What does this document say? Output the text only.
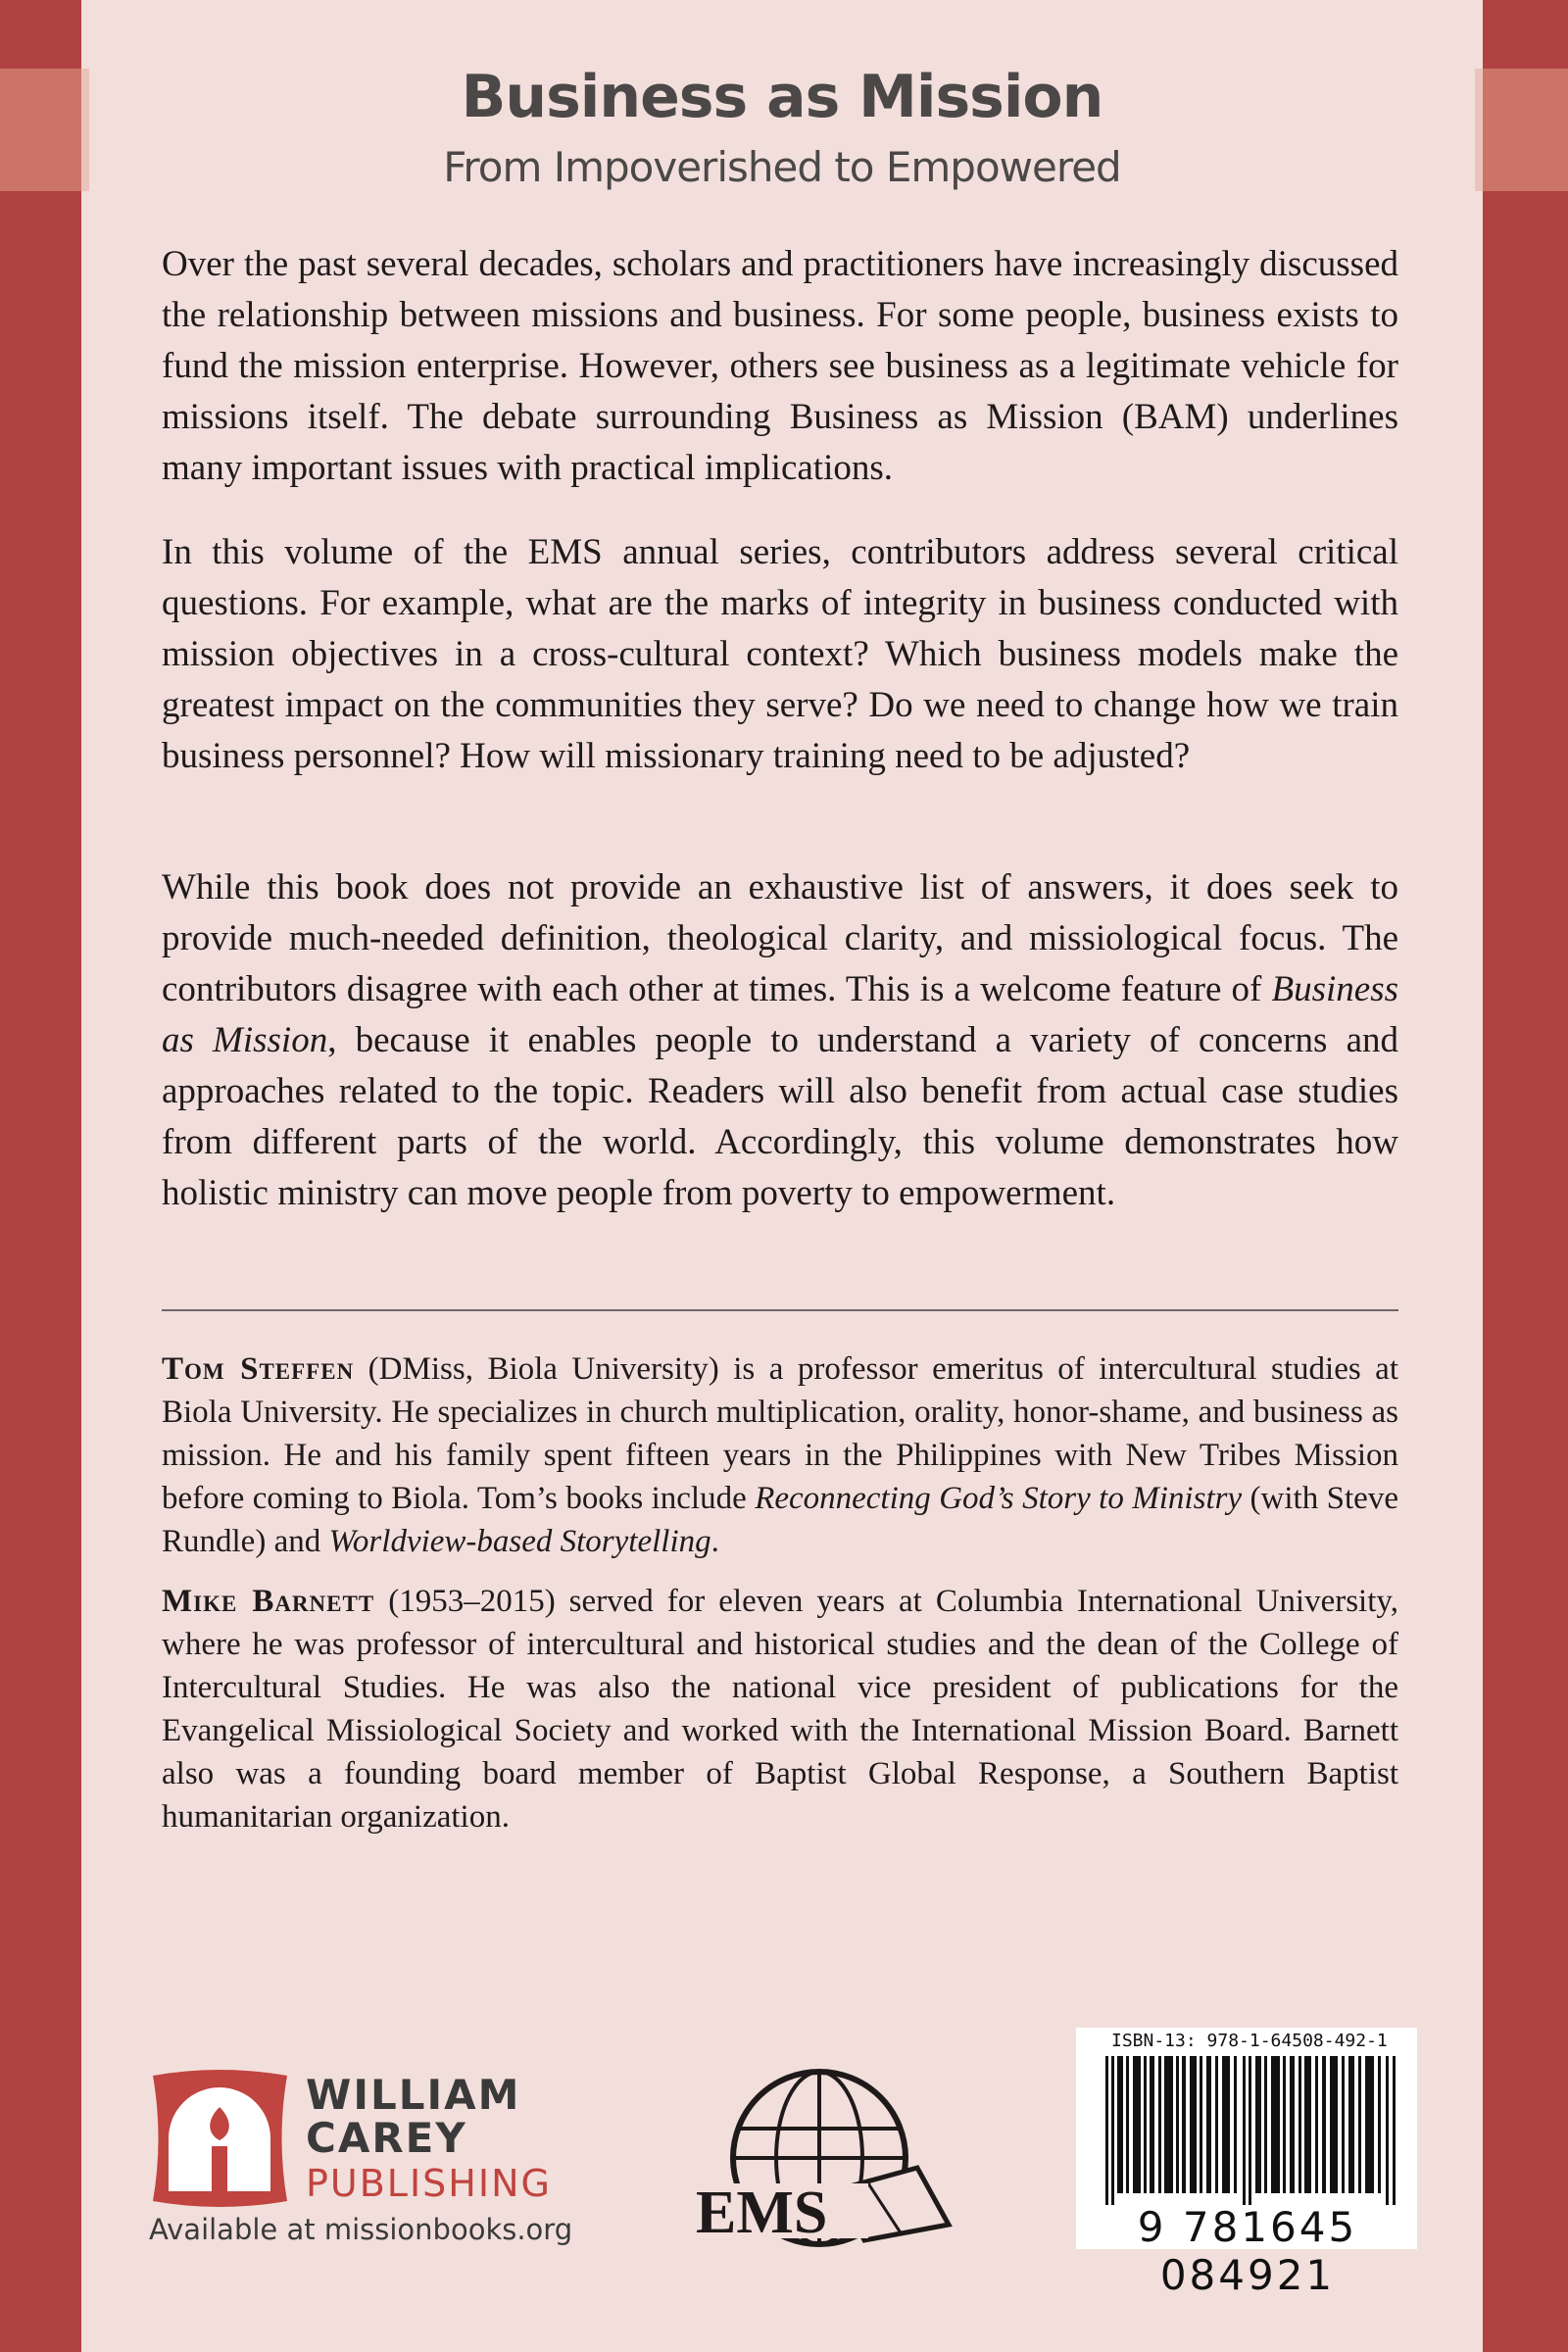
Business as Mission
From Impoverished to Empowered

Over the past several decades, scholars and practitioners have increasingly discussed the relationship between missions and business. For some people, business exists to fund the mission enterprise. However, others see business as a legitimate vehicle for missions itself. The debate surrounding Business as Mission (BAM) underlines many important issues with practical implications.

In this volume of the EMS annual series, contributors address several critical questions. For example, what are the marks of integrity in business conducted with mission objectives in a cross-cultural context? Which business models make the greatest impact on the communities they serve? Do we need to change how we train business personnel? How will missionary training need to be adjusted?

While this book does not provide an exhaustive list of answers, it does seek to provide much-needed definition, theological clarity, and missiological focus. The contributors disagree with each other at times. This is a welcome feature of Business as Mission, because it enables people to understand a variety of concerns and approaches related to the topic. Readers will also benefit from actual case studies from different parts of the world. Accordingly, this volume demonstrates how holistic ministry can move people from poverty to empowerment.

Tom Steffen (DMiss, Biola University) is a professor emeritus of intercultural studies at Biola University. He specializes in church multiplication, orality, honor-shame, and business as mission. He and his family spent fifteen years in the Philippines with New Tribes Mission before coming to Biola. Tom’s books include Reconnecting God’s Story to Ministry (with Steve Rundle) and Worldview-based Storytelling.

Mike Barnett (1953–2015) served for eleven years at Columbia International University, where he was professor of intercultural and historical studies and the dean of the College of Intercultural Studies. He was also the national vice president of publications for the Evangelical Missiological Society and worked with the International Mission Board. Barnett also was a founding board member of Baptist Global Response, a Southern Baptist humanitarian organization.

WILLIAM
CAREY
PUBLISHING
Available at missionbooks.org EMS
ISBN-13: 978-1-64508-492-1
9 781645 084921
